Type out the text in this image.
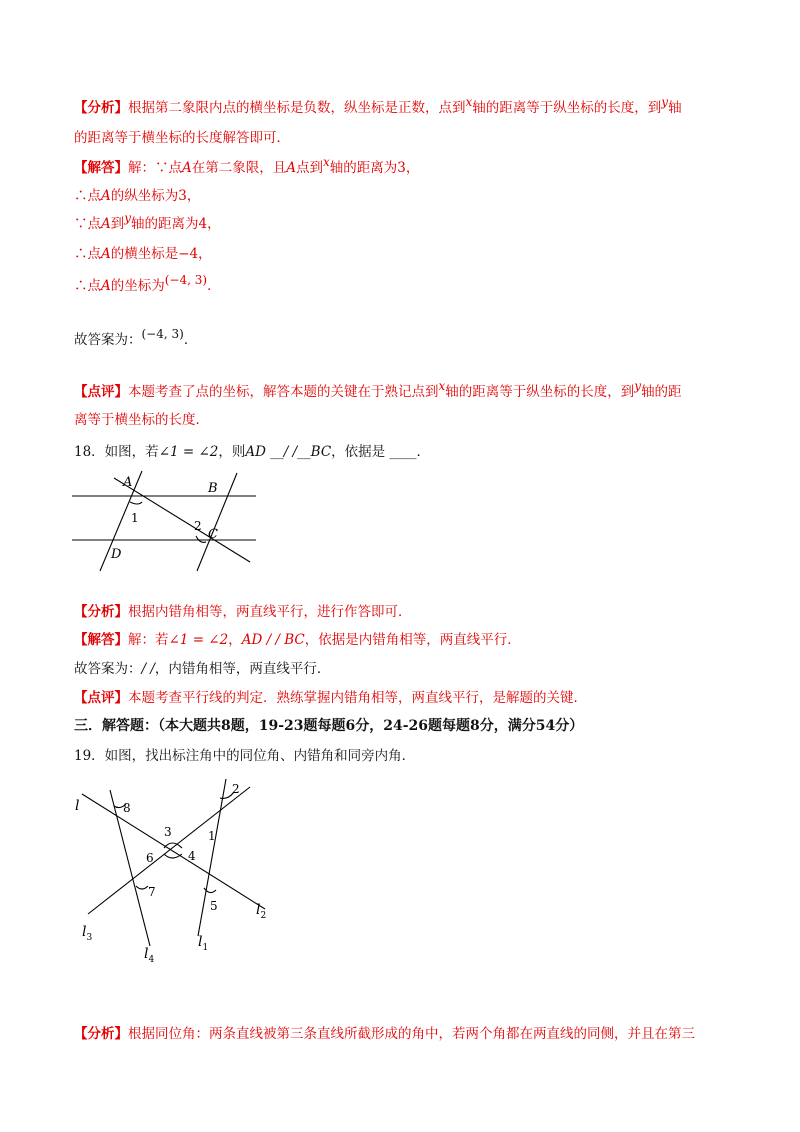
【分析】根据第二象限内点的横坐标是负数，纵坐标是正数，点到x轴的距离等于纵坐标的长度，到y轴
的距离等于横坐标的长度解答即可．
【解答】解：∵点A在第二象限，且A点到x轴的距离为3，
∴点A的纵坐标为3，
∵点A到y轴的距离为4，
∴点A的横坐标是−4，
∴点A的坐标为(−4, 3)．
故答案为：(−4, 3)．
【点评】本题考查了点的坐标，解答本题的关键在于熟记点到x轴的距离等于纵坐标的长度，到y轴的距
离等于横坐标的长度．
18．如图，若∠1 = ∠2，则AD __/ /__BC，依据是 ____．
A	B
C
D
1
2
【分析】根据内错角相等，两直线平行，进行作答即可．
【解答】解：若∠1 = ∠2，AD / / BC，依据是内错角相等，两直线平行．
故答案为：/ /，内错角相等，两直线平行．
【点评】本题考查平行线的判定．熟练掌握内错角相等，两直线平行，是解题的关键．
三．解答题：（本大题共8题，19-23题每题6分，24-26题每题8分，满分54分）
19．如图，找出标注角中的同位角、内错角和同旁内角．
l	8
2
3	1
6	4
7
5	$l_2$
$l_3$
$l_4$
$l_1$
【分析】根据同位角：两条直线被第三条直线所截形成的角中，若两个角都在两直线的同侧，并且在第三
